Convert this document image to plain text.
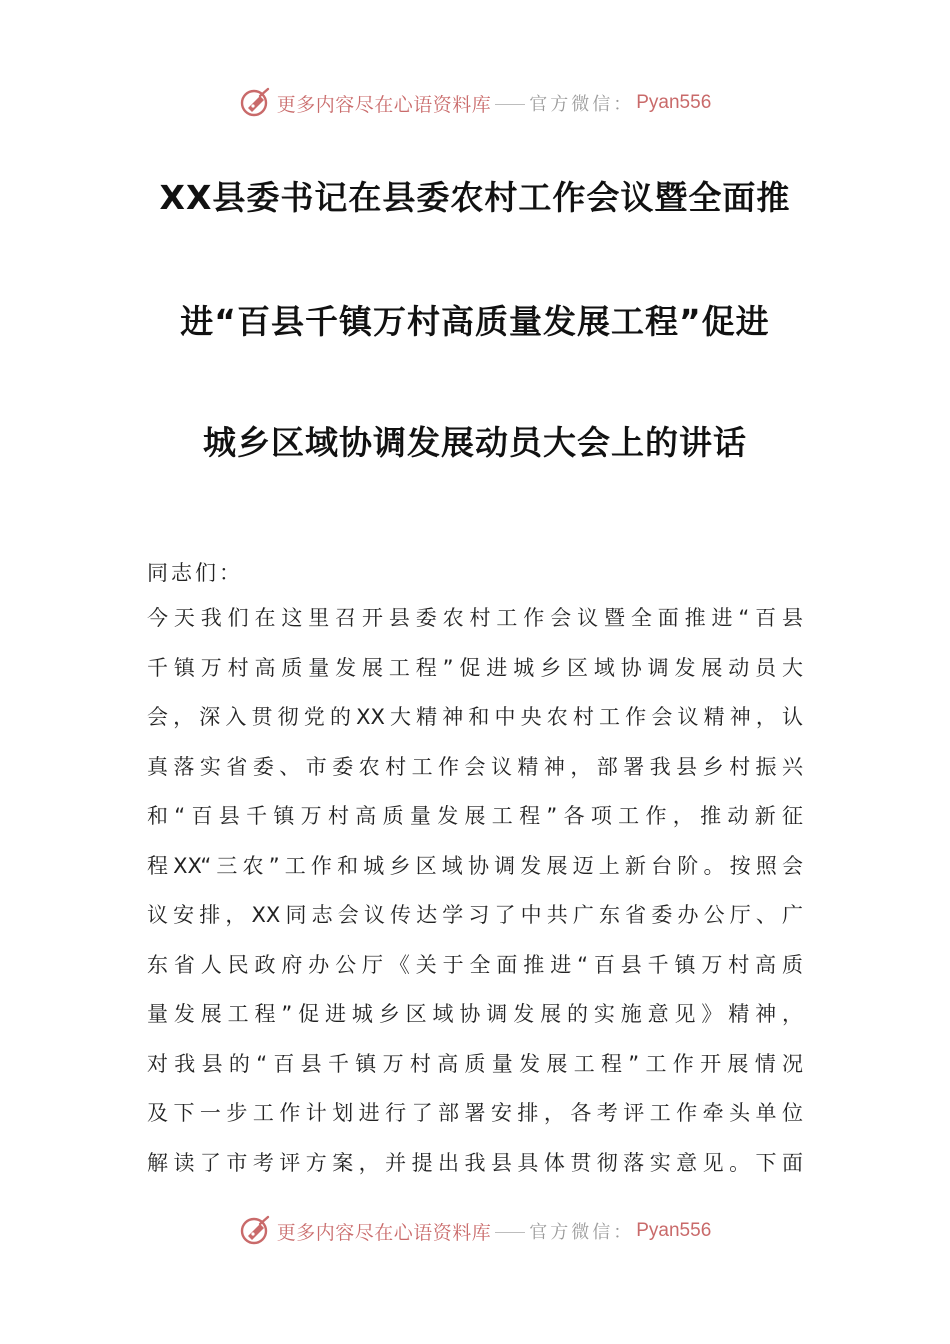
更多内容尽在心语资料库 官方微信： Pyan556
XX县委书记在县委农村工作会议暨全面推
进“百县千镇万村高质量发展工程”促进
城乡区域协调发展动员大会上的讲话
同志们：
今天我们在这里召开县委农村工作会议暨全面推进“百县
千镇万村高质量发展工程”促进城乡区域协调发展动员大
会，深入贯彻党的XX大精神和中央农村工作会议精神，认
真落实省委、市委农村工作会议精神，部署我县乡村振兴
和“百县千镇万村高质量发展工程”各项工作，推动新征
程XX“三农”工作和城乡区域协调发展迈上新台阶。按照会
议安排，XX同志会议传达学习了中共广东省委办公厅、广
东省人民政府办公厅《关于全面推进“百县千镇万村高质
量发展工程”促进城乡区域协调发展的实施意见》精神，
对我县的“百县千镇万村高质量发展工程”工作开展情况
及下一步工作计划进行了部署安排，各考评工作牵头单位
解读了市考评方案，并提出我县具体贯彻落实意见。下面
更多内容尽在心语资料库 官方微信： Pyan556
